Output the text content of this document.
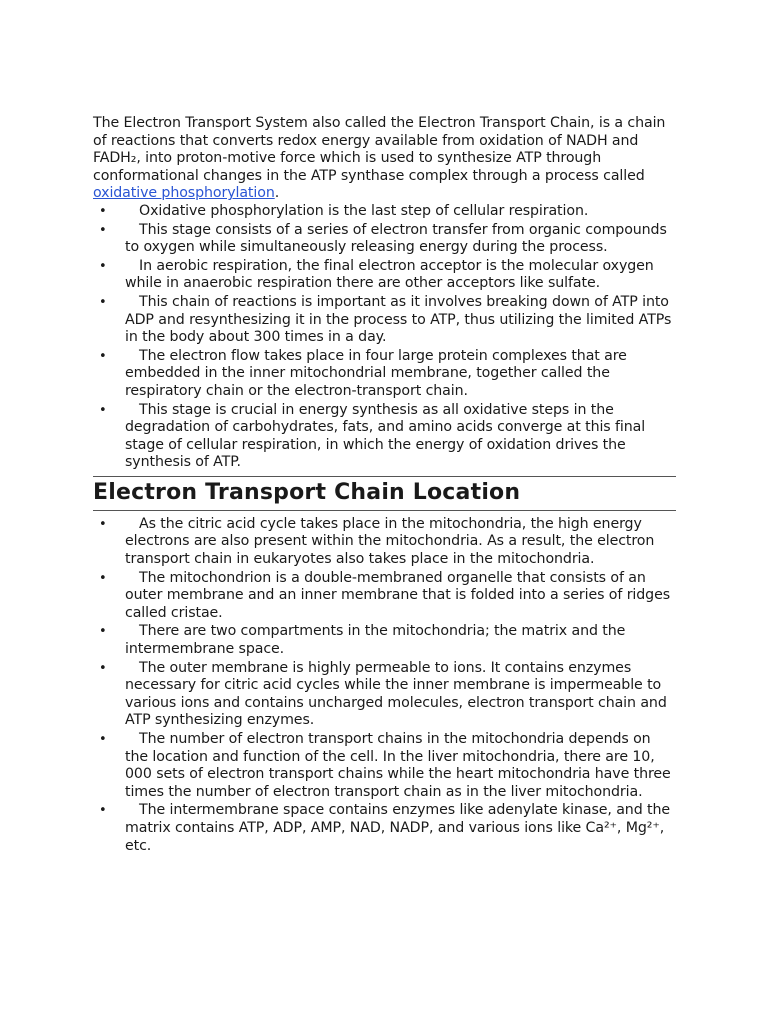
The Electron Transport System also called the Electron Transport Chain, is a chain of reactions that converts redox energy available from oxidation of NADH and FADH₂, into proton-motive force which is used to synthesize ATP through conformational changes in the ATP synthase complex through a process called oxidative phosphorylation.

•	Oxidative phosphorylation is the last step of cellular respiration.
•	This stage consists of a series of electron transfer from organic compounds to oxygen while simultaneously releasing energy during the process.
•	In aerobic respiration, the final electron acceptor is the molecular oxygen while in anaerobic respiration there are other acceptors like sulfate.
•	This chain of reactions is important as it involves breaking down of ATP into ADP and resynthesizing it in the process to ATP, thus utilizing the limited ATPs in the body about 300 times in a day.
•	The electron flow takes place in four large protein complexes that are embedded in the inner mitochondrial membrane, together called the respiratory chain or the electron-transport chain.
•	This stage is crucial in energy synthesis as all oxidative steps in the degradation of carbohydrates, fats, and amino acids converge at this final stage of cellular respiration, in which the energy of oxidation drives the synthesis of ATP.
Electron Transport Chain Location
•	As the citric acid cycle takes place in the mitochondria, the high energy electrons are also present within the mitochondria. As a result, the electron transport chain in eukaryotes also takes place in the mitochondria.
•	The mitochondrion is a double-membraned organelle that consists of an outer membrane and an inner membrane that is folded into a series of ridges called cristae.
•	There are two compartments in the mitochondria; the matrix and the intermembrane space.
•	The outer membrane is highly permeable to ions. It contains enzymes necessary for citric acid cycles while the inner membrane is impermeable to various ions and contains uncharged molecules, electron transport chain and ATP synthesizing enzymes.
•	The number of electron transport chains in the mitochondria depends on the location and function of the cell. In the liver mitochondria, there are 10, 000 sets of electron transport chains while the heart mitochondria have three times the number of electron transport chain as in the liver mitochondria.
•	The intermembrane space contains enzymes like adenylate kinase, and the matrix contains ATP, ADP, AMP, NAD, NADP, and various ions like Ca²⁺, Mg²⁺, etc.
